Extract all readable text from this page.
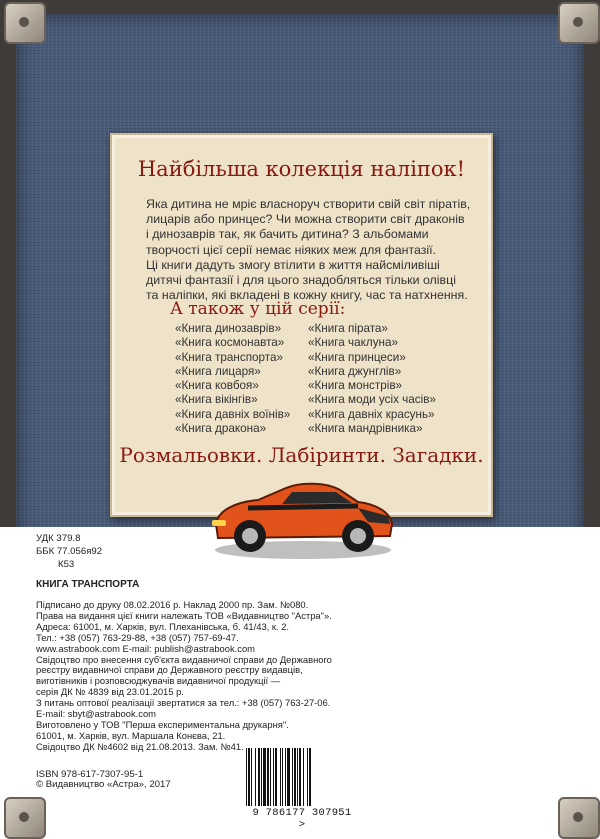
Найбільша колекція наліпок!

Яка дитина не мріє власноруч створити свій світ піратів,

лицарів або принцес? Чи можна створити світ драконів

і динозаврів так, як бачить дитина? З альбомами

творчості цієї серії немає ніяких меж для фантазії.

Ці книги дадуть змогу втілити в життя найсміливіші

дитячі фантазії і для цього знадобляться тільки олівці

та наліпки, які вкладені в кожну книгу, час та натхнення.

А також у цій серії:
«Книга динозаврів»
«Книга космонавта»
«Книга транспорта»
«Книга лицаря»
«Книга ковбоя»
«Книга вікінгів»
«Книга давніх воїнів»
«Книга дракона»
«Книга пірата»
«Книга чаклуна»
«Книга принцеси»
«Книга джунглів»
«Книга монстрів»
«Книга моди усіх часів»
«Книга давніх красунь»
«Книга мандрівника»
Розмальовки. Лабіринти. Загадки.
УДК 379.8
ББК 77.056я92
К53
КНИГА ТРАНСПОРТА
Підписано до друку 08.02.2016 р. Наклад 2000 пр. Зам. №080.
Права на видання цієї книги належать ТОВ «Видавництво "Астра"».
Адреса: 61001, м. Харків, вул. Плеханівська, б. 41/43, к. 2.
Тел.: +38 (057) 763-29-88, +38 (057) 757-69-47.
www.astrabook.com E-mail: publish@astrabook.com
Свідоцтво про внесення суб'єкта видавничої справи до Державного
реєстру видавничої справи до Державного реєстру видавців,
виготівників і розповсюджувачів видавничої продукції —
серія ДК № 4839 від 23.01.2015 р.
З питань оптової реалізації звертатися за тел.: +38 (057) 763-27-06.
E-mail: sbyt@astrabook.com
Виготовлено у ТОВ "Перша експериментальна друкарня".
61001, м. Харків, вул. Маршала Конєва, 21.
Свідоцтво ДК №4602 від 21.08.2013. Зам. №41.
ISBN 978-617-7307-95-1
© Видавництво «Астра», 2017
9 786177 307951 >
